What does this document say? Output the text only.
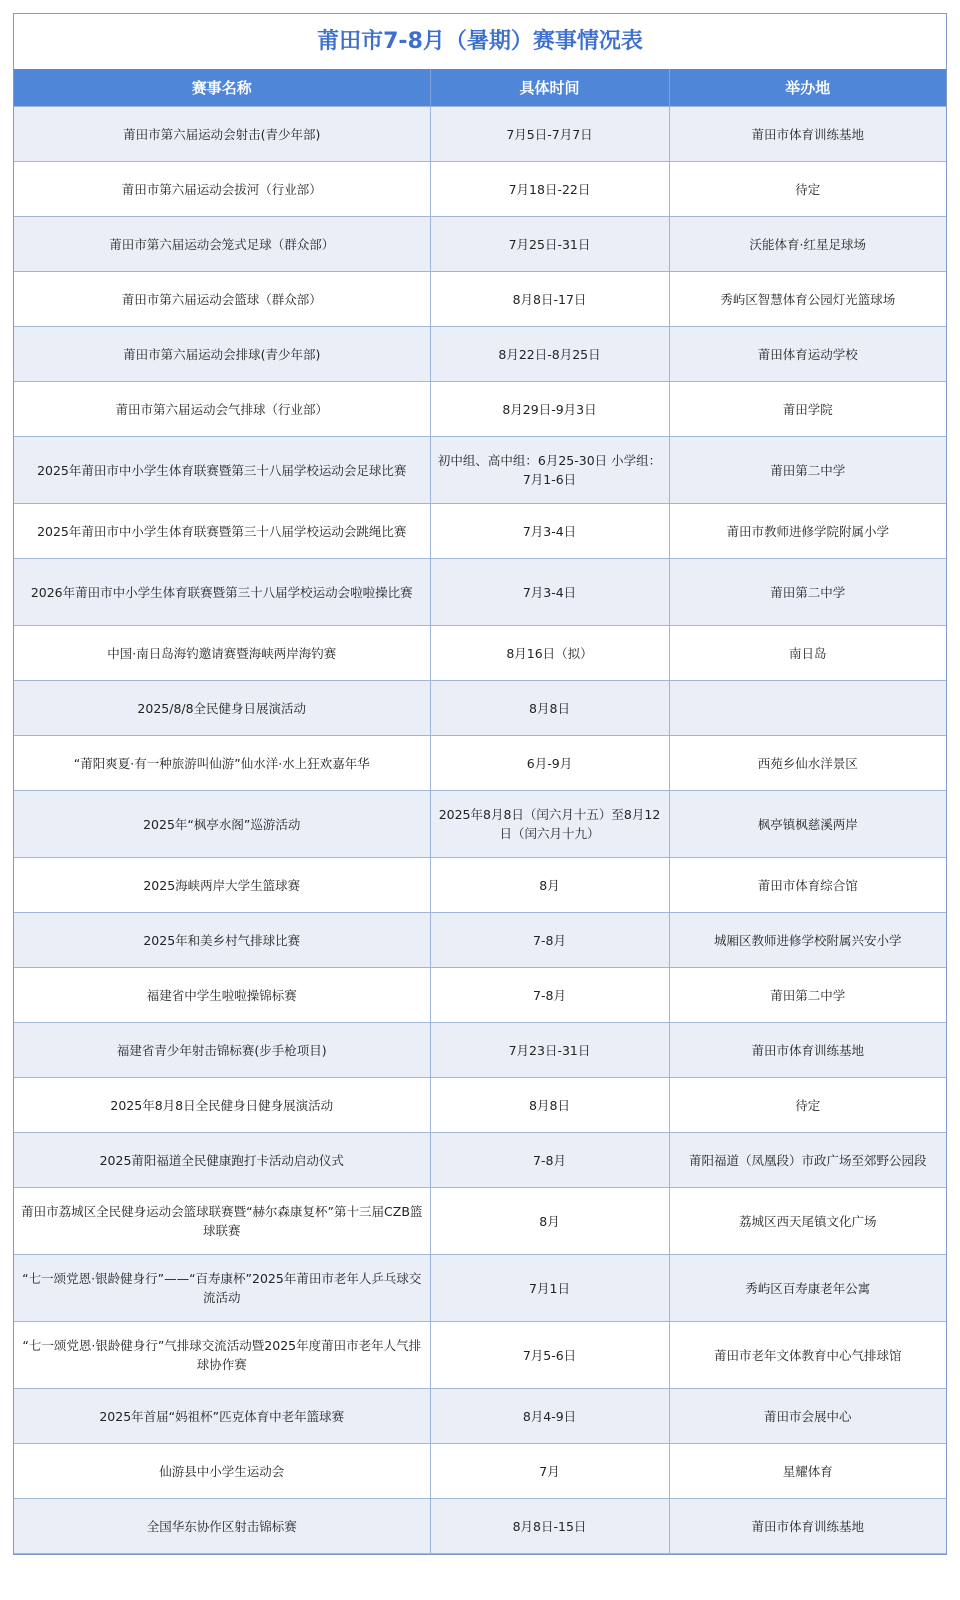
莆田市7-8月（暑期）赛事情况表
赛事名称	具体时间	举办地
莆田市第六届运动会射击(青少年部)	7月5日-7月7日	莆田市体育训练基地
莆田市第六届运动会拔河（行业部）	7月18日-22日	待定
莆田市第六届运动会笼式足球（群众部）	7月25日-31日	沃能体育·红星足球场
莆田市第六届运动会篮球（群众部）	8月8日-17日	秀屿区智慧体育公园灯光篮球场
莆田市第六届运动会排球(青少年部)	8月22日-8月25日	莆田体育运动学校
莆田市第六届运动会气排球（行业部）	8月29日-9月3日	莆田学院
2025年莆田市中小学生体育联赛暨第三十八届学校运动会足球比赛	初中组、高中组：6月25-30日 小学组：7月1-6日	莆田第二中学
2025年莆田市中小学生体育联赛暨第三十八届学校运动会跳绳比赛	7月3-4日	莆田市教师进修学院附属小学
2026年莆田市中小学生体育联赛暨第三十八届学校运动会啦啦操比赛	7月3-4日	莆田第二中学
中国·南日岛海钓邀请赛暨海峡两岸海钓赛	8月16日（拟）	南日岛
2025/8/8全民健身日展演活动	8月8日	
“莆阳爽夏·有一种旅游叫仙游”仙水洋·水上狂欢嘉年华	6月-9月	西苑乡仙水洋景区
2025年“枫亭水阁”巡游活动	2025年8月8日（闰六月十五）至8月12日（闰六月十九）	枫亭镇枫慈溪两岸
2025海峡两岸大学生篮球赛	8月	莆田市体育综合馆
2025年和美乡村气排球比赛	7-8月	城厢区教师进修学校附属兴安小学
福建省中学生啦啦操锦标赛	7-8月	莆田第二中学
福建省青少年射击锦标赛(步手枪项目)	7月23日-31日	莆田市体育训练基地
2025年8月8日全民健身日健身展演活动	8月8日	待定
2025莆阳福道全民健康跑打卡活动启动仪式	7-8月	莆阳福道（凤凰段）市政广场至郊野公园段
莆田市荔城区全民健身运动会篮球联赛暨“赫尔森康复杯”第十三届CZB篮球联赛	8月	荔城区西天尾镇文化广场
“七一颂党恩·银龄健身行”——“百寿康杯”2025年莆田市老年人乒乓球交流活动	7月1日	秀屿区百寿康老年公寓
“七一颂党恩·银龄健身行”气排球交流活动暨2025年度莆田市老年人气排球协作赛	7月5-6日	莆田市老年文体教育中心气排球馆
2025年首届“妈祖杯”匹克体育中老年篮球赛	8月4-9日	莆田市会展中心
仙游县中小学生运动会	7月	星耀体育
全国华东协作区射击锦标赛	8月8日-15日	莆田市体育训练基地
